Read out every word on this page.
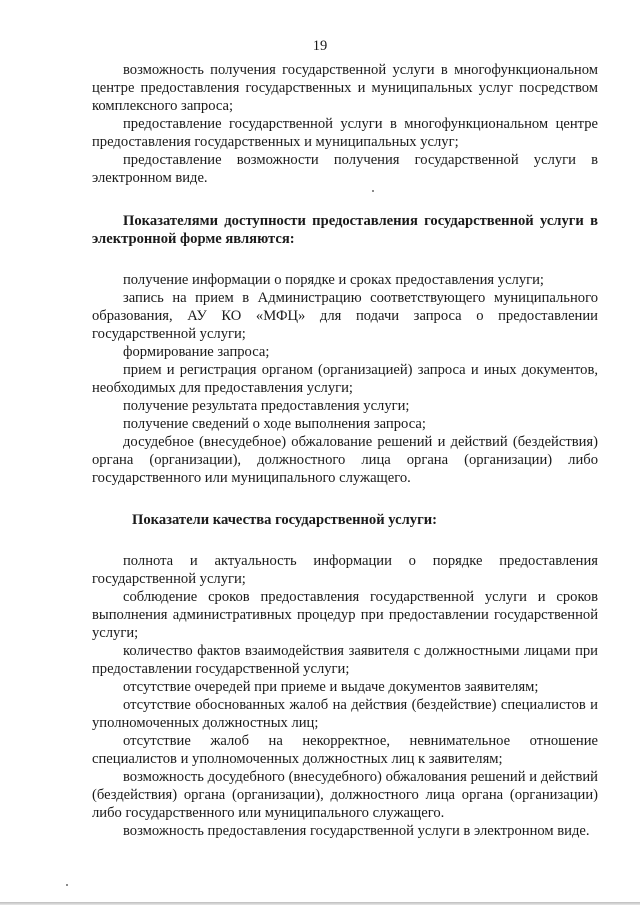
19

возможность получения государственной услуги в многофункциональном центре предоставления государственных и муниципальных услуг посредством комплексного запроса;

предоставление государственной услуги в многофункциональном центре предоставления государственных и муниципальных услуг;

предоставление возможности получения государственной услуги в электронном виде.

Показателями доступности предоставления государственной услуги в электронной форме являются:

получение информации о порядке и сроках предоставления услуги;

запись на прием в Администрацию соответствующего муниципального образования, АУ КО «МФЦ» для подачи запроса о предоставлении государственной услуги;

формирование запроса;

прием и регистрация органом (организацией) запроса и иных документов, необходимых для предоставления услуги;

получение результата предоставления услуги;

получение сведений о ходе выполнения запроса;

досудебное (внесудебное) обжалование решений и действий (бездействия) органа (организации), должностного лица органа (организации) либо государственного или муниципального служащего.

Показатели качества государственной услуги:

полнота и актуальность информации о порядке предоставления государственной услуги;

соблюдение сроков предоставления государственной услуги и сроков выполнения административных процедур при предоставлении государственной услуги;

количество фактов взаимодействия заявителя с должностными лицами при предоставлении государственной услуги;

отсутствие очередей при приеме и выдаче документов заявителям;

отсутствие обоснованных жалоб на действия (бездействие) специалистов и уполномоченных должностных лиц;

отсутствие жалоб на некорректное, невнимательное отношение специалистов и уполномоченных должностных лиц к заявителям;

возможность досудебного (внесудебного) обжалования решений и действий (бездействия) органа (организации), должностного лица органа (организации) либо государственного или муниципального служащего.

возможность предоставления государственной услуги в электронном виде.
